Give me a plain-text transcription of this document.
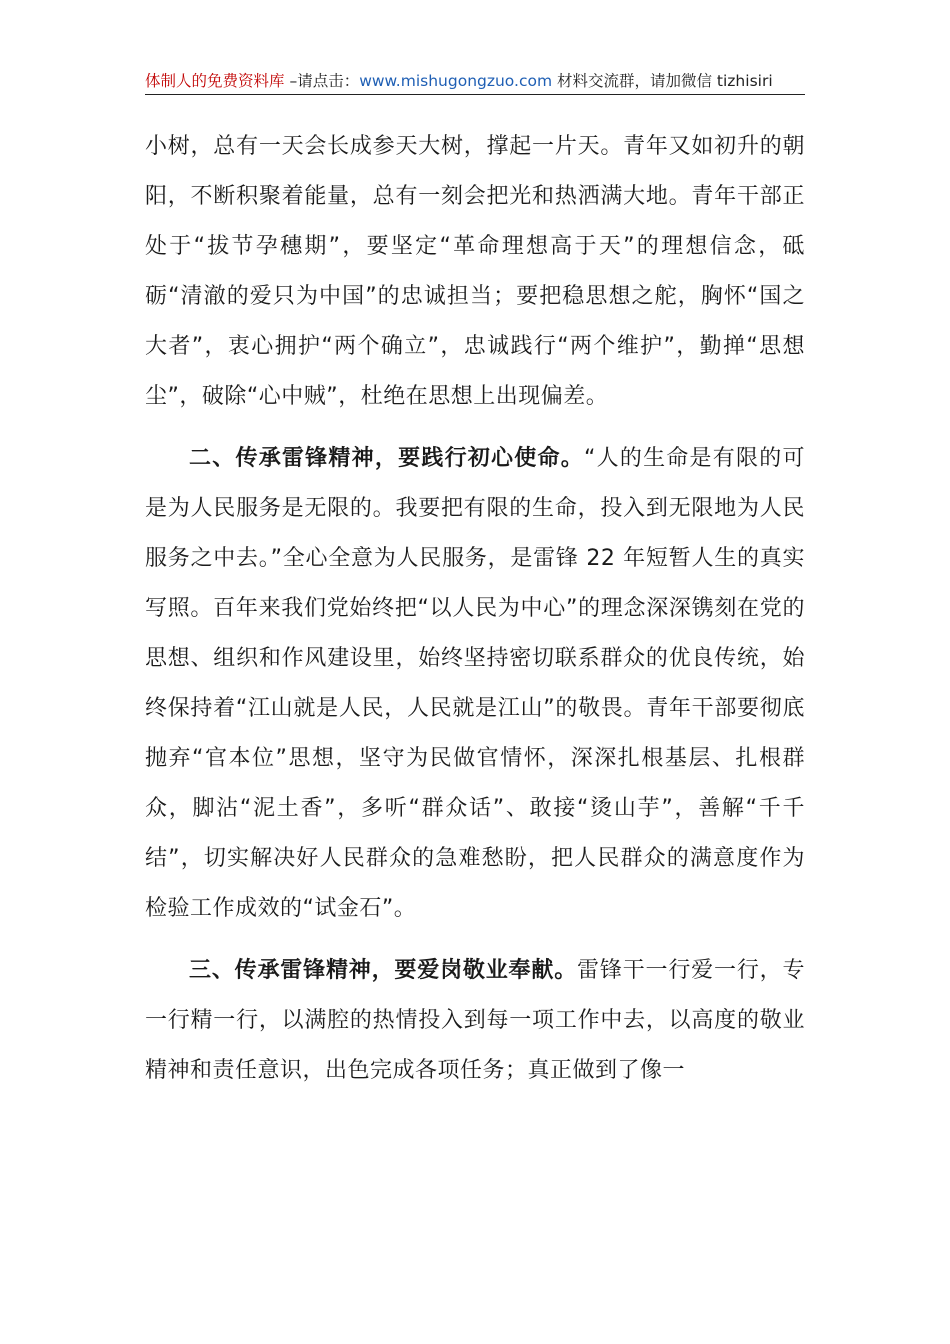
体制人的免费资料库 –请点击：www.mishugongzuo.com 材料交流群，请加微信 tizhisiri

小树，总有一天会长成参天大树，撑起一片天。青年又如初升的朝阳，不断积聚着能量，总有一刻会把光和热洒满大地。青年干部正处于“拔节孕穗期”，要坚定“革命理想高于天”的理想信念，砥砺“清澈的爱只为中国”的忠诚担当；要把稳思想之舵，胸怀“国之大者”，衷心拥护“两个确立”，忠诚践行“两个维护”，勤掸“思想尘”，破除“心中贼”，杜绝在思想上出现偏差。

二、传承雷锋精神，要践行初心使命。“人的生命是有限的可是为人民服务是无限的。我要把有限的生命，投入到无限地为人民服务之中去。”全心全意为人民服务，是雷锋 22 年短暂人生的真实写照。百年来我们党始终把“以人民为中心”的理念深深镌刻在党的思想、组织和作风建设里，始终坚持密切联系群众的优良传统，始终保持着“江山就是人民，人民就是江山”的敬畏。青年干部要彻底抛弃“官本位”思想，坚守为民做官情怀，深深扎根基层、扎根群众，脚沾“泥土香”，多听“群众话”、敢接“烫山芋”，善解“千千结”，切实解决好人民群众的急难愁盼，把人民群众的满意度作为检验工作成效的“试金石”。

三、传承雷锋精神，要爱岗敬业奉献。雷锋干一行爱一行，专一行精一行，以满腔的热情投入到每一项工作中去，以高度的敬业精神和责任意识，出色完成各项任务；真正做到了像一
